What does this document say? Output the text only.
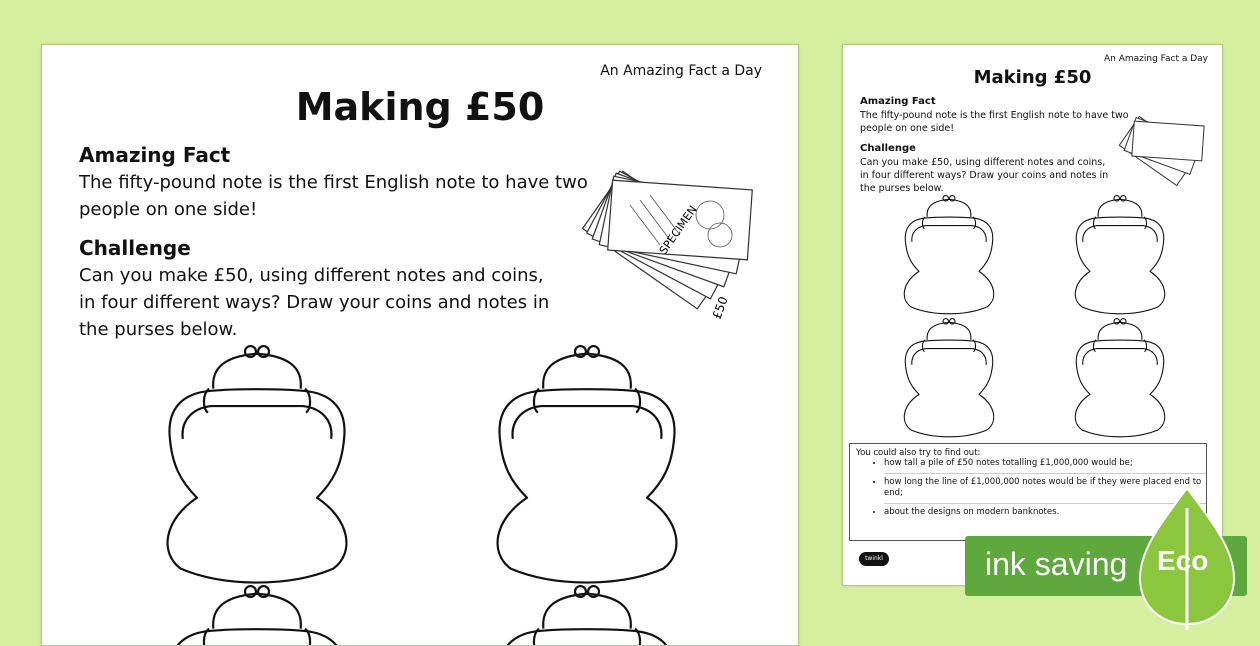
An Amazing Fact a Day
Making £50
Amazing Fact
The fifty-pound note is the first English note to have two
people on one side!
Challenge
Can you make £50, using different notes and coins,
in four different ways? Draw your coins and notes in
the purses below.
£50
SPECIMEN
An Amazing Fact a Day
Making £50
Amazing Fact
The fifty-pound note is the first English note to have two
people on one side!
Challenge
Can you make £50, using different notes and coins,
in four different ways? Draw your coins and notes in
the purses below.
You could also try to find out:
• how tall a pile of £50 notes totalling £1,000,000 would be;
• how long the line of £1,000,000 notes would be if they were placed end to end;
• about the designs on modern banknotes.
twinkl	ink saving Eco
